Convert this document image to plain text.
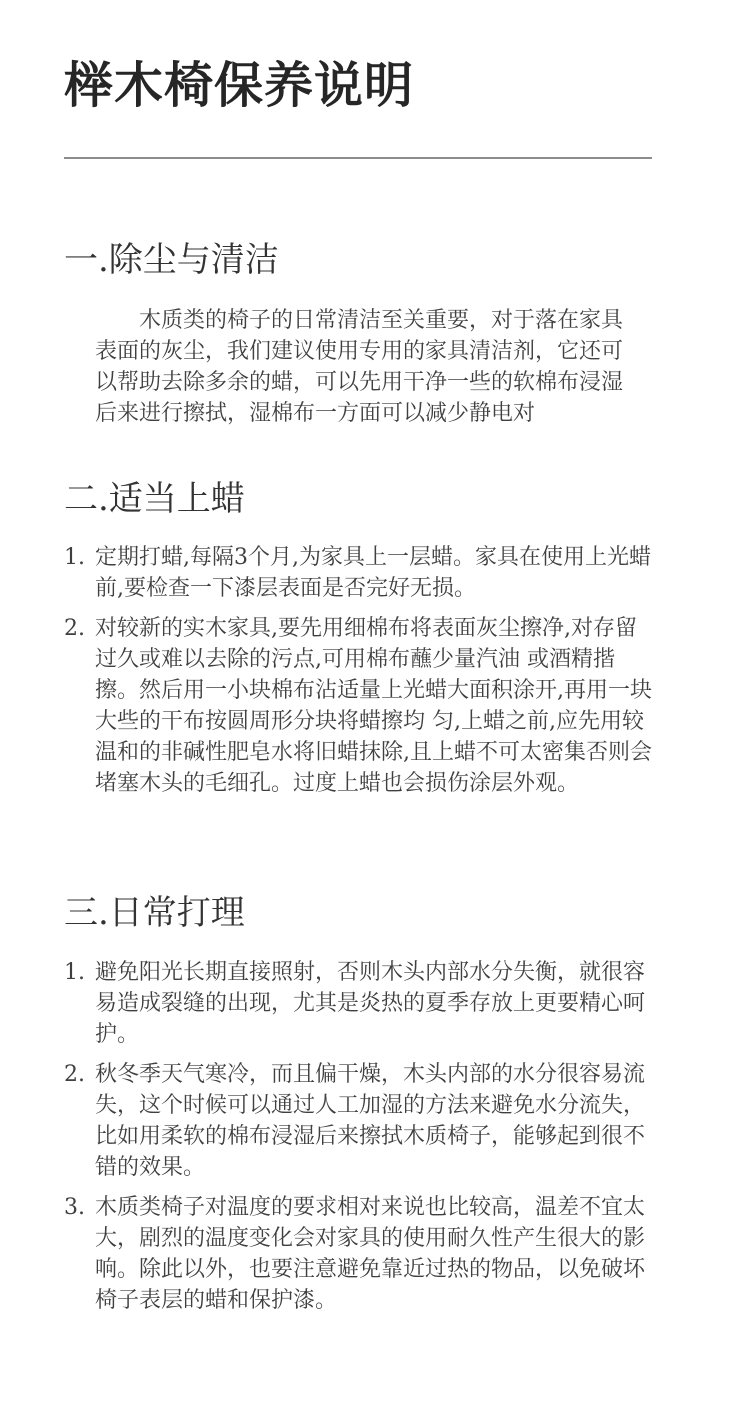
榉木椅保养说明
一.除尘与清洁

木质类的椅子的日常清洁至关重要，对于落在家具表面的灰尘，我们建议使用专用的家具清洁剂，它还可以帮助去除多余的蜡，可以先用干净一些的软棉布浸湿后来进行擦拭，湿棉布一方面可以减少静电对

二.适当上蜡
1. 定期打蜡,每隔3个月,为家具上一层蜡。家具在使用上光蜡前,要检查一下漆层表面是否完好无损。
2. 对较新的实木家具,要先用细棉布将表面灰尘擦净,对存留过久或难以去除的污点,可用棉布蘸少量汽油 或酒精揩擦。然后用一小块棉布沾适量上光蜡大面积涂开,再用一块大些的干布按圆周形分块将蜡擦均 匀,上蜡之前,应先用较温和的非碱性肥皂水将旧蜡抹除,且上蜡不可太密集否则会堵塞木头的毛细孔。过度上蜡也会损伤涂层外观。
三.日常打理
1. 避免阳光长期直接照射，否则木头内部水分失衡，就很容易造成裂缝的出现，尤其是炎热的夏季存放上更要精心呵护。
2. 秋冬季天气寒冷，而且偏干燥，木头内部的水分很容易流失，这个时候可以通过人工加湿的方法来避免水分流失，比如用柔软的棉布浸湿后来擦拭木质椅子，能够起到很不错的效果。
3. 木质类椅子对温度的要求相对来说也比较高，温差不宜太大，剧烈的温度变化会对家具的使用耐久性产生很大的影响。除此以外，也要注意避免靠近过热的物品，以免破坏椅子表层的蜡和保护漆。
